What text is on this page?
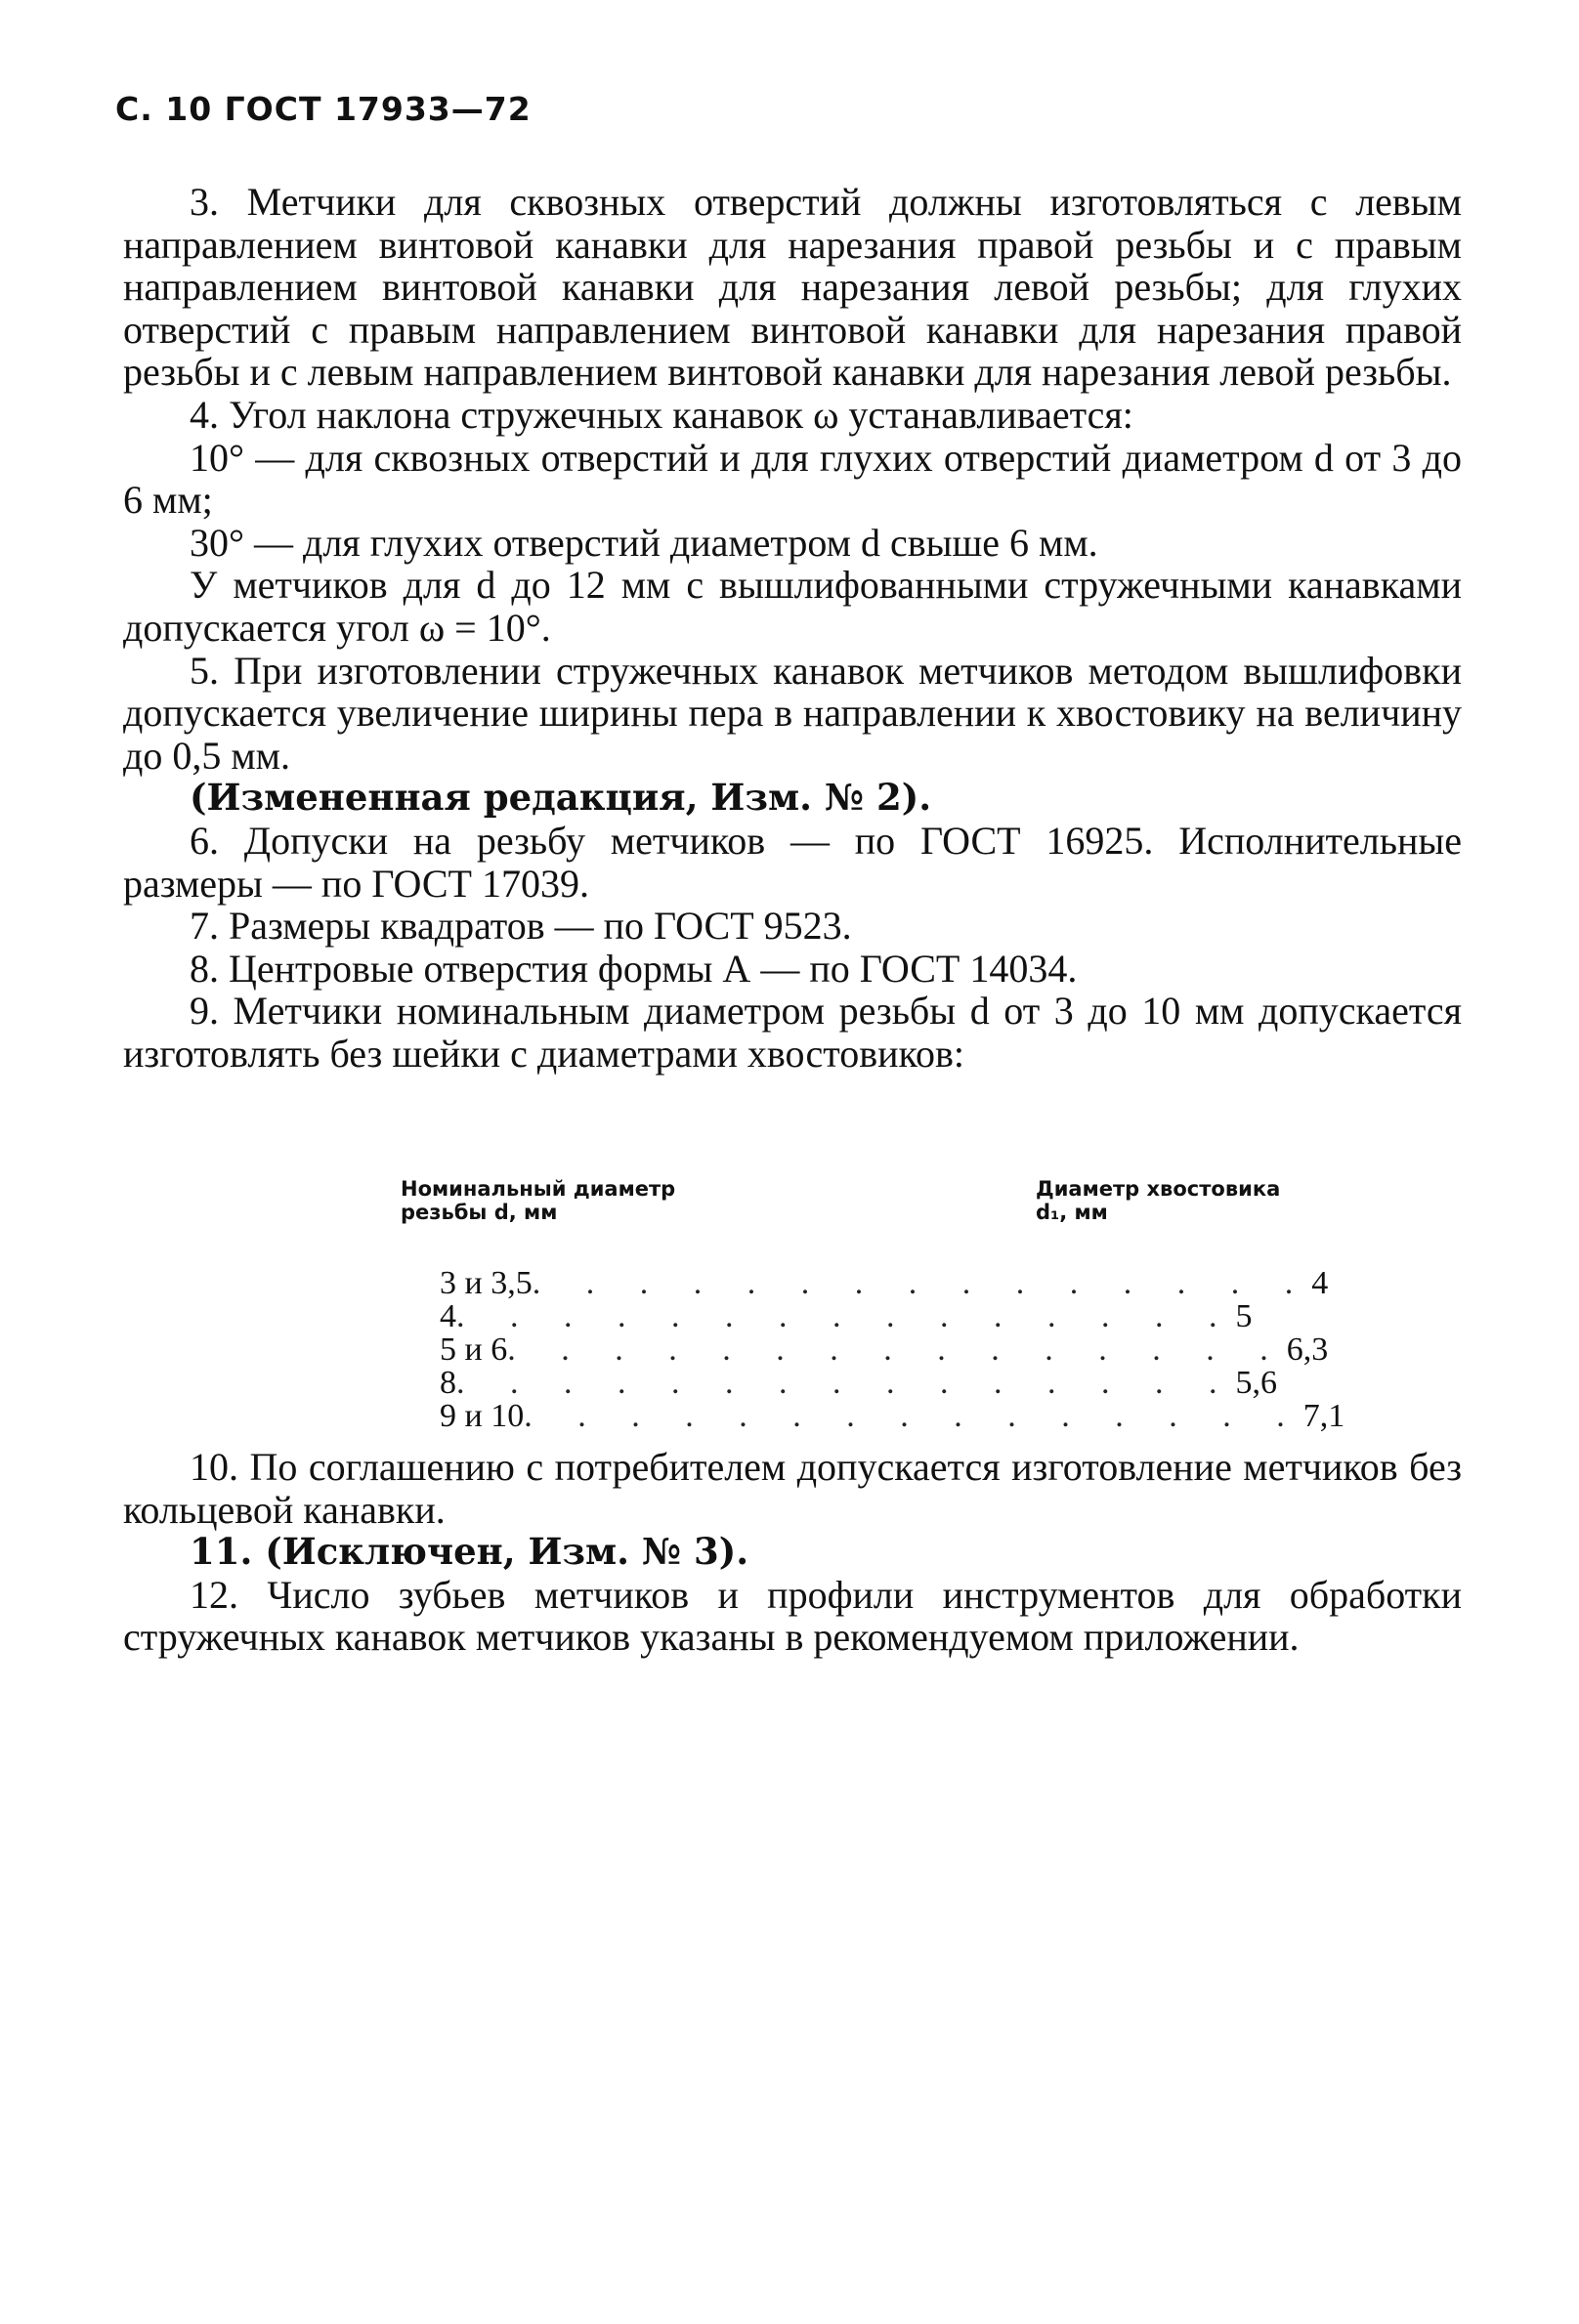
С. 10 ГОСТ 17933—72

3. Метчики для сквозных отверстий должны изготовляться с левым направлением винтовой канавки для нарезания правой резьбы и с правым направлением винтовой канавки для нарезания левой резьбы; для глухих отверстий с правым направлением винтовой канавки для нарезания правой резьбы и с левым направлением винтовой канавки для нарезания левой резьбы.

4. Угол наклона стружечных канавок ω устанавливается:

10° — для сквозных отверстий и для глухих отверстий диаметром d от 3 до 6 мм;

30° — для глухих отверстий диаметром d свыше 6 мм.

У метчиков для d до 12 мм с вышлифованными стружечными канавками допускается угол ω = 10°.

5. При изготовлении стружечных канавок метчиков методом вышлифовки допускается увеличение ширины пера в направлении к хвостовику на величину до 0,5 мм.

(Измененная редакция, Изм. № 2).

6. Допуски на резьбу метчиков — по ГОСТ 16925. Исполнительные размеры — по ГОСТ 17039.

7. Размеры квадратов — по ГОСТ 9523.

8. Центровые отверстия формы А — по ГОСТ 14034.

9. Метчики номинальным диаметром резьбы d от 3 до 10 мм допускается изготовлять без шейки с диаметрами хвостовиков:

Номинальный диаметр резьбы d, мм
Диаметр хвостовика d₁, мм
3 и 3,5 . . . . . . . . . . . . . . . 4
4 . . . . . . . . . . . . . . . 5
5 и 6 . . . . . . . . . . . . . . . 6,3
8 . . . . . . . . . . . . . . . 5,6
9 и 10 . . . . . . . . . . . . . . . 7,1

10. По соглашению с потребителем допускается изготовление метчиков без кольцевой канавки.

11. (Исключен, Изм. № 3).

12. Число зубьев метчиков и профили инструментов для обработки стружечных канавок метчиков указаны в рекомендуемом приложении.
